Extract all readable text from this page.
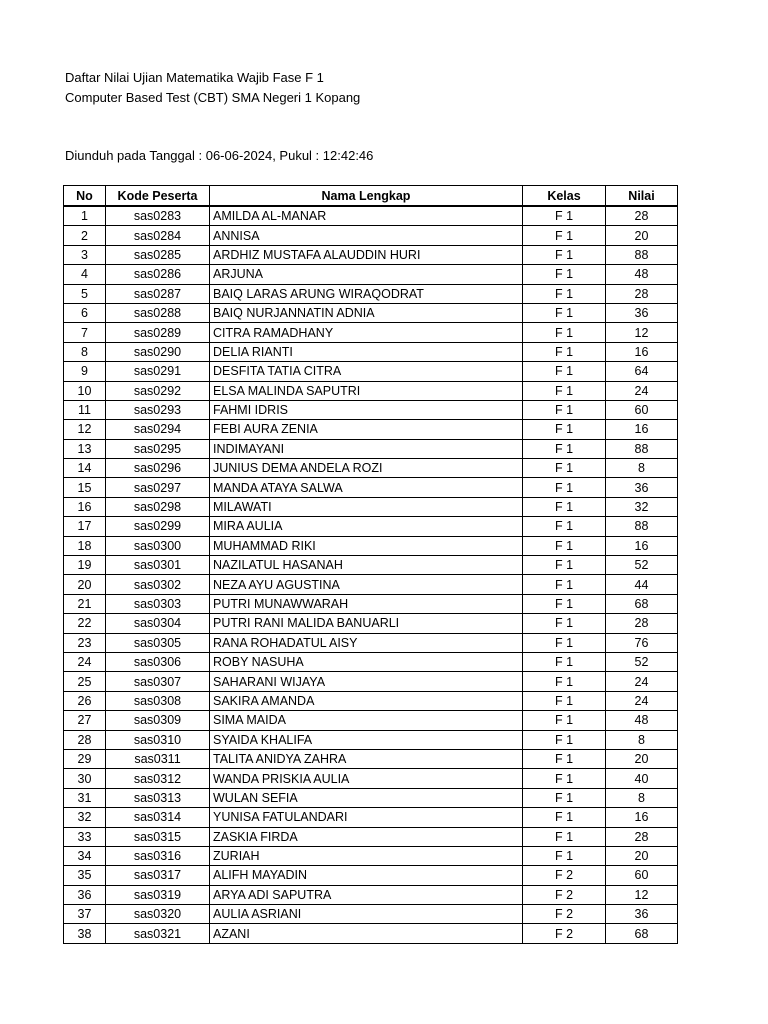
Daftar Nilai Ujian Matematika Wajib Fase F 1
Computer Based Test (CBT) SMA Negeri 1 Kopang
Diunduh pada Tanggal : 06-06-2024, Pukul : 12:42:46
No	Kode Peserta	Nama Lengkap	Kelas	Nilai
1	sas0283	AMILDA AL-MANAR	F 1	28
2	sas0284	ANNISA	F 1	20
3	sas0285	ARDHIZ MUSTAFA ALAUDDIN HURI	F 1	88
4	sas0286	ARJUNA	F 1	48
5	sas0287	BAIQ LARAS ARUNG WIRAQODRAT	F 1	28
6	sas0288	BAIQ NURJANNATIN ADNIA	F 1	36
7	sas0289	CITRA RAMADHANY	F 1	12
8	sas0290	DELIA RIANTI	F 1	16
9	sas0291	DESFITA TATIA CITRA	F 1	64
10	sas0292	ELSA MALINDA SAPUTRI	F 1	24
11	sas0293	FAHMI IDRIS	F 1	60
12	sas0294	FEBI AURA ZENIA	F 1	16
13	sas0295	INDIMAYANI	F 1	88
14	sas0296	JUNIUS DEMA ANDELA ROZI	F 1	8
15	sas0297	MANDA ATAYA SALWA	F 1	36
16	sas0298	MILAWATI	F 1	32
17	sas0299	MIRA AULIA	F 1	88
18	sas0300	MUHAMMAD RIKI	F 1	16
19	sas0301	NAZILATUL HASANAH	F 1	52
20	sas0302	NEZA AYU AGUSTINA	F 1	44
21	sas0303	PUTRI MUNAWWARAH	F 1	68
22	sas0304	PUTRI RANI MALIDA BANUARLI	F 1	28
23	sas0305	RANA ROHADATUL AISY	F 1	76
24	sas0306	ROBY NASUHA	F 1	52
25	sas0307	SAHARANI WIJAYA	F 1	24
26	sas0308	SAKIRA AMANDA	F 1	24
27	sas0309	SIMA MAIDA	F 1	48
28	sas0310	SYAIDA KHALIFA	F 1	8
29	sas0311	TALITA ANIDYA ZAHRA	F 1	20
30	sas0312	WANDA PRISKIA AULIA	F 1	40
31	sas0313	WULAN SEFIA	F 1	8
32	sas0314	YUNISA FATULANDARI	F 1	16
33	sas0315	ZASKIA FIRDA	F 1	28
34	sas0316	ZURIAH	F 1	20
35	sas0317	ALIFH MAYADIN	F 2	60
36	sas0319	ARYA ADI SAPUTRA	F 2	12
37	sas0320	AULIA ASRIANI	F 2	36
38	sas0321	AZANI	F 2	68
